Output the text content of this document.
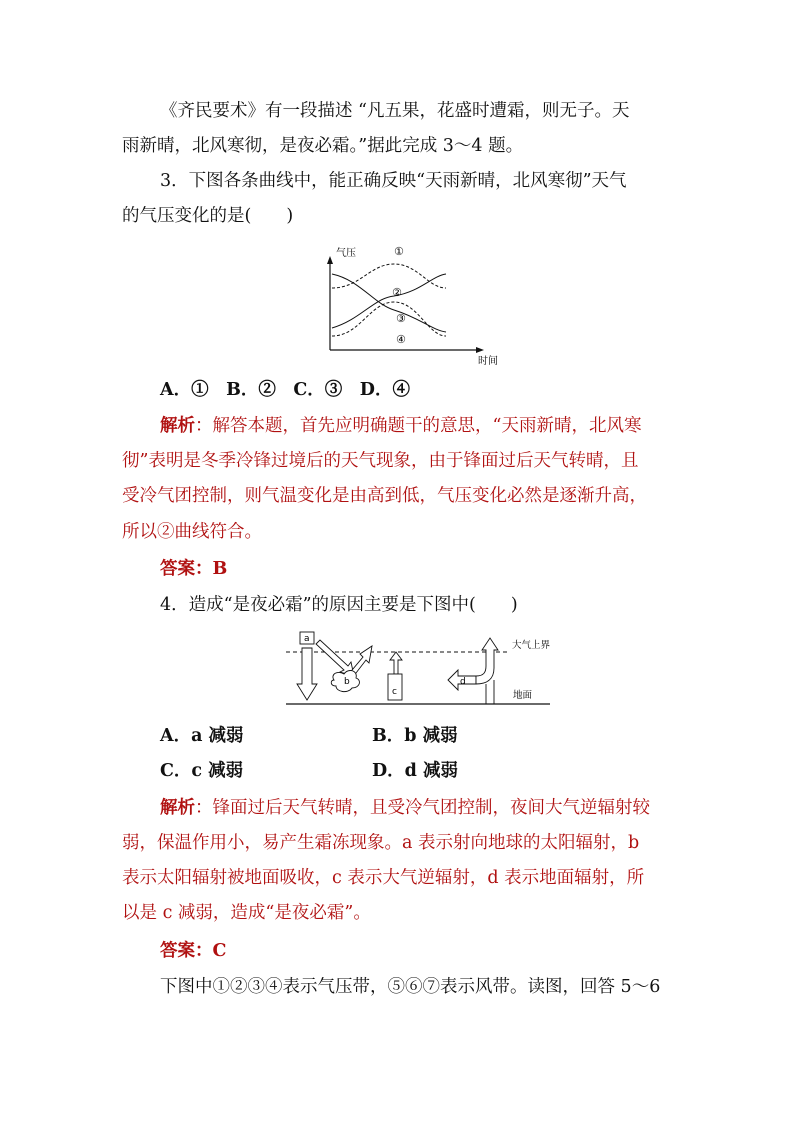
《齐民要术》有一段描述 “凡五果，花盛时遭霜，则无子。天
雨新晴，北风寒彻，是夜必霜。”据此完成 3～4 题。
3．下图各条曲线中，能正确反映“天雨新晴，北风寒彻”天气
的气压变化的是(　　)
气压
时间
①
②
③
④
A．①　B．②　C．③　D．④
解析：解答本题，首先应明确题干的意思，“天雨新晴，北风寒
彻”表明是冬季冷锋过境后的天气现象，由于锋面过后天气转晴，且
受冷气团控制，则气温变化是由高到低，气压变化必然是逐渐升高，
所以②曲线符合。
答案：B
4．造成“是夜必霜”的原因主要是下图中(　　)
大气上界
地面
a
b
c
d
A．a 减弱	B．b 减弱
C．c 减弱	D．d 减弱
解析：锋面过后天气转晴，且受冷气团控制，夜间大气逆辐射较
弱，保温作用小，易产生霜冻现象。a 表示射向地球的太阳辐射，b
表示太阳辐射被地面吸收，c 表示大气逆辐射，d 表示地面辐射，所
以是 c 减弱，造成“是夜必霜”。
答案：C
下图中①②③④表示气压带，⑤⑥⑦表示风带。读图，回答 5～6
